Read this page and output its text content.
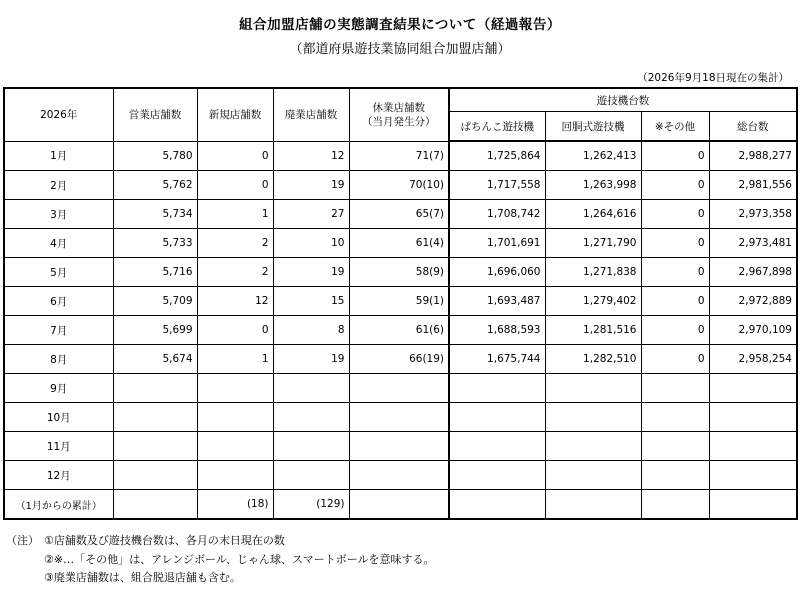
組合加盟店舗の実態調査結果について（経過報告）
（都道府県遊技業協同組合加盟店舗）
（2026年9月18日現在の集計）
2026年	営業店舗数	新規店舗数	廃業店舗数	休業店舗数
（当月発生分）	遊技機台数			
					ぱちんこ遊技機	回胴式遊技機	※その他	総台数
1月	5,780	0	12	71(7)	1,725,864	1,262,413	0	2,988,277
2月	5,762	0	19	70(10)	1,717,558	1,263,998	0	2,981,556
3月	5,734	1	27	65(7)	1,708,742	1,264,616	0	2,973,358
4月	5,733	2	10	61(4)	1,701,691	1,271,790	0	2,973,481
5月	5,716	2	19	58(9)	1,696,060	1,271,838	0	2,967,898
6月	5,709	12	15	59(1)	1,693,487	1,279,402	0	2,972,889
7月	5,699	0	8	61(6)	1,688,593	1,281,516	0	2,970,109
8月	5,674	1	19	66(19)	1,675,744	1,282,510	0	2,958,254
9月								
10月								
11月								
12月								
（1月からの累計）		(18)	(129)					
（注） ①店舗数及び遊技機台数は、各月の末日現在の数
②※…「その他」は、アレンジボール、じゃん球、スマートボールを意味する。
③廃業店舗数は、組合脱退店舗も含む。
